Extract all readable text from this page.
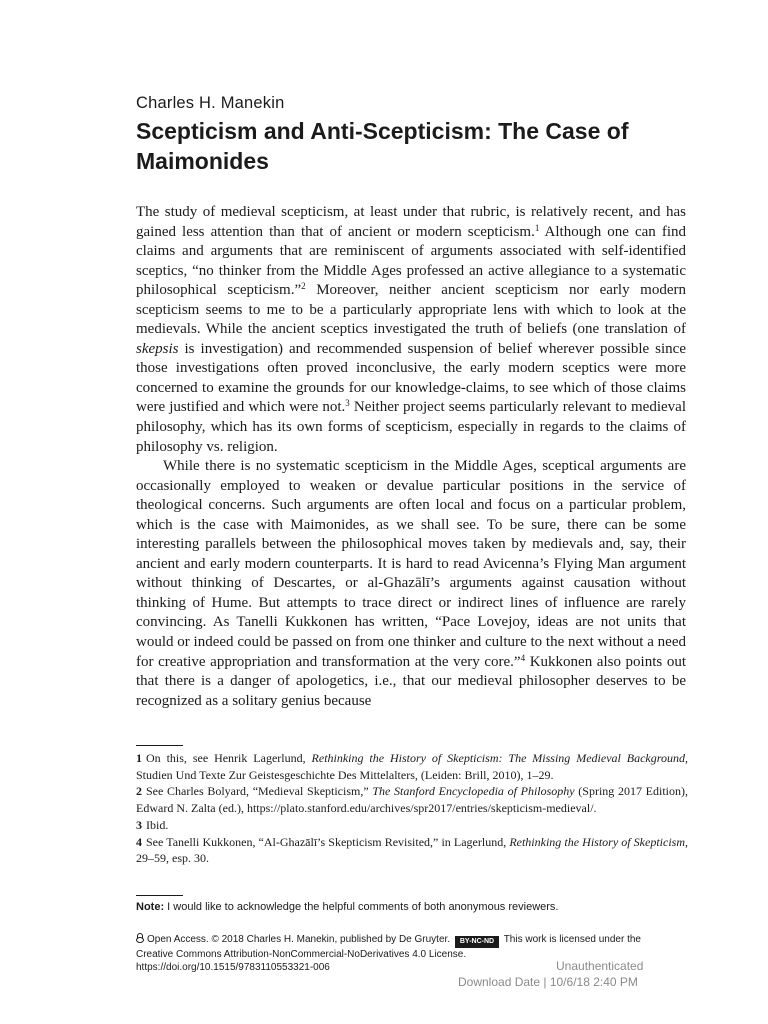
Charles H. Manekin
Scepticism and Anti-Scepticism: The Case of Maimonides

The study of medieval scepticism, at least under that rubric, is relatively recent, and has gained less attention than that of ancient or modern scepticism.$^1$ Although one can find claims and arguments that are reminiscent of arguments associated with self-identified sceptics, “no thinker from the Middle Ages professed an active allegiance to a systematic philosophical scepticism.”$^2$ Moreover, neither ancient scepticism nor early modern scepticism seems to me to be a particularly appropriate lens with which to look at the medievals. While the ancient sceptics investigated the truth of beliefs (one translation of skepsis is investigation) and recommended suspension of belief wherever possible since those investigations often proved inconclusive, the early modern sceptics were more concerned to examine the grounds for our knowledge-claims, to see which of those claims were justified and which were not.$^3$ Neither project seems particularly relevant to medieval philosophy, which has its own forms of scepticism, especially in regards to the claims of philosophy vs. religion.

While there is no systematic scepticism in the Middle Ages, sceptical arguments are occasionally employed to weaken or devalue particular positions in the service of theological concerns. Such arguments are often local and focus on a particular problem, which is the case with Maimonides, as we shall see. To be sure, there can be some interesting parallels between the philosophical moves taken by medievals and, say, their ancient and early modern counterparts. It is hard to read Avicenna’s Flying Man argument without thinking of Descartes, or al-Ghazālī’s arguments against causation without thinking of Hume. But attempts to trace direct or indirect lines of influence are rarely convincing. As Tanelli Kukkonen has written, “Pace Lovejoy, ideas are not units that would or indeed could be passed on from one thinker and culture to the next without a need for creative appropriation and transformation at the very core.”$^4$ Kukkonen also points out that there is a danger of apologetics, i.e., that our medieval philosopher deserves to be recognized as a solitary genius because

1 On this, see Henrik Lagerlund, Rethinking the History of Skepticism: The Missing Medieval Background, Studien Und Texte Zur Geistesgeschichte Des Mittelalters, (Leiden: Brill, 2010), 1–29.
2 See Charles Bolyard, “Medieval Skepticism,” The Stanford Encyclopedia of Philosophy (Spring 2017 Edition), Edward N. Zalta (ed.), https://plato.stanford.edu/archives/spr2017/entries/skepticism-medieval/.
3 Ibid.
4 See Tanelli Kukkonen, “Al-Ghazālī’s Skepticism Revisited,” in Lagerlund, Rethinking the History of Skepticism, 29–59, esp. 30.
Note: I would like to acknowledge the helpful comments of both anonymous reviewers.
Open Access. © 2018 Charles H. Manekin, published by De Gruyter. BY-NC-ND This work is licensed under the
Creative Commons Attribution-NonCommercial-NoDerivatives 4.0 License.
https://doi.org/10.1515/9783110553321-006	Unauthenticated
Download Date | 10/6/18 2:40 PM
